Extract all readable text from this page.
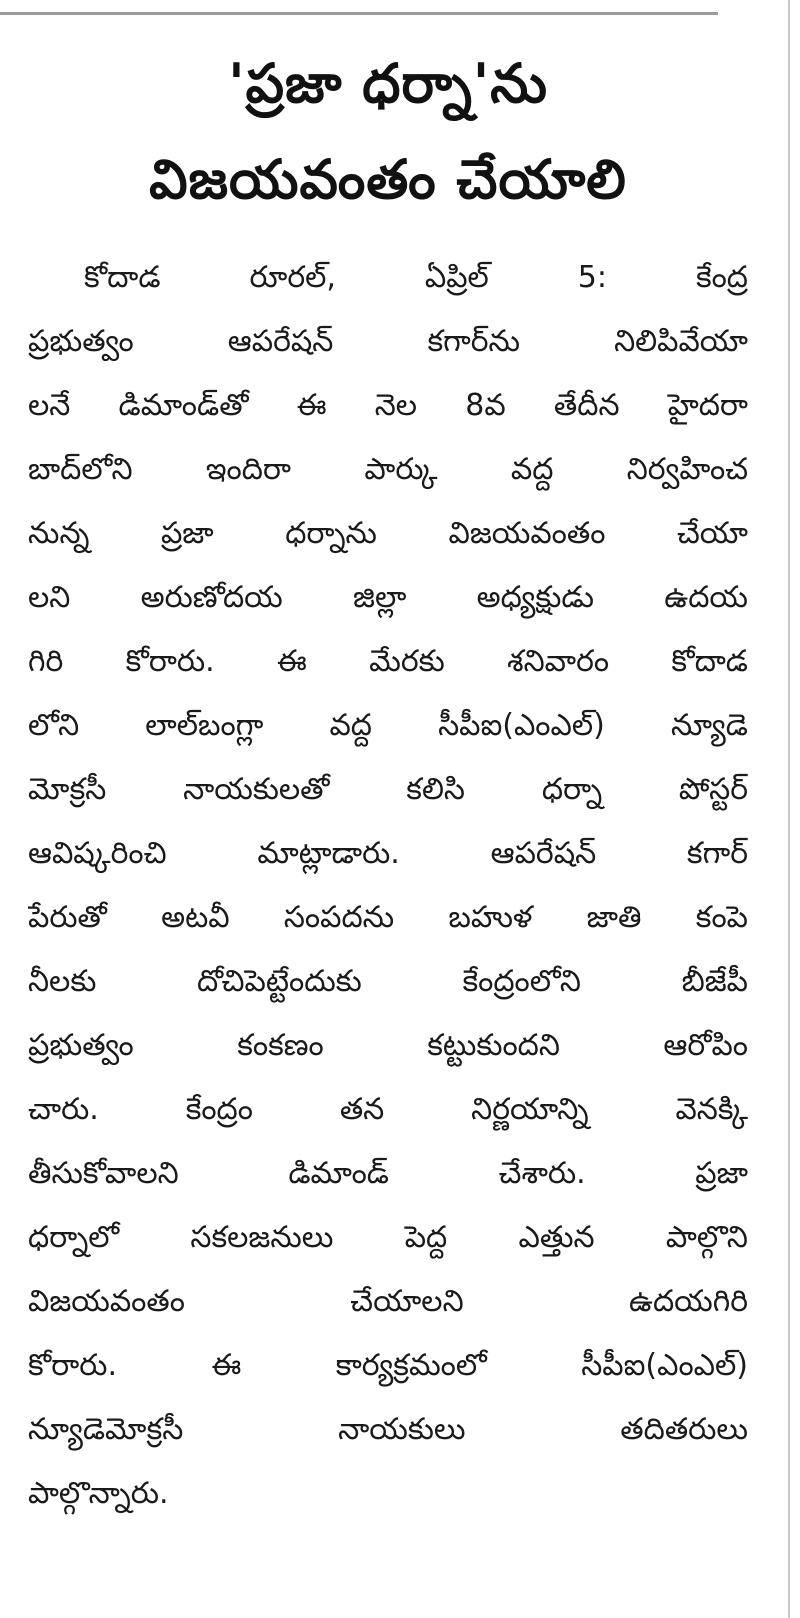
'ప్రజా ధర్నా'ను
విజయవంతం చేయాలి
కోదాడ రూరల్, ఏప్రిల్ 5: కేంద్ర
ప్రభుత్వం ఆపరేషన్ కగార్‌ను నిలిపివేయా
లనే డిమాండ్‌తో ఈ నెల 8వ తేదీన హైదరా
బాద్‌లోని ఇందిరా పార్కు వద్ద నిర్వహించ
నున్న ప్రజా ధర్నాను విజయవంతం చేయా
లని అరుణోదయ జిల్లా అధ్యక్షుడు ఉదయ
గిరి కోరారు. ఈ మేరకు శనివారం కోదాడ
లోని లాల్‌బంగ్లా వద్ద సీపీఐ(ఎంఎల్) న్యూడె
మోక్రసీ నాయకులతో కలిసి ధర్నా పోస్టర్
ఆవిష్కరించి మాట్లాడారు. ఆపరేషన్ కగార్
పేరుతో అటవీ సంపదను బహుళ జాతి కంపె
నీలకు దోచిపెట్టేందుకు కేంద్రంలోని బీజేపీ
ప్రభుత్వం కంకణం కట్టుకుందని ఆరోపిం
చారు. కేంద్రం తన నిర్ణయాన్ని వెనక్కి
తీసుకోవాలని డిమాండ్ చేశారు. ప్రజా
ధర్నాలో సకలజనులు పెద్ద ఎత్తున పాల్గొని
విజయవంతం చేయాలని ఉదయగిరి
కోరారు. ఈ కార్యక్రమంలో సీపీఐ(ఎంఎల్)
న్యూడెమోక్రసీ నాయకులు తదితరులు
పాల్గొన్నారు.
